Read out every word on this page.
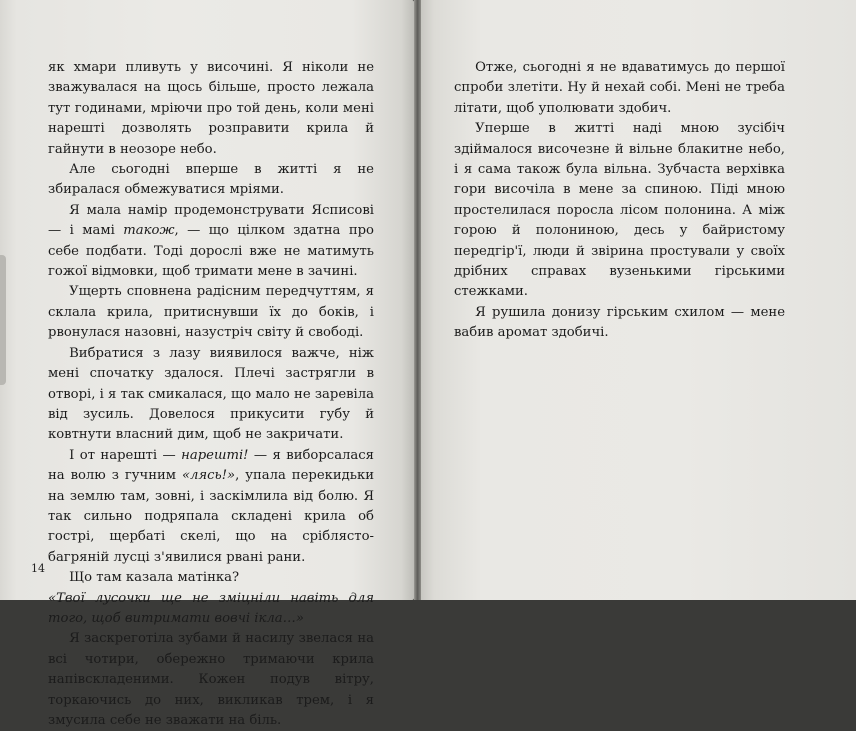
як хмари пливуть у височині. Я ніколи не зважувалася на щось більше, просто лежала тут годинами, мріючи про той день, коли мені нарешті дозволять розправити крила й гайнути в неозоре небо.

Але сьогодні вперше в житті я не збиралася обмежуватися мріями.

Я мала намір продемонструвати Ясписові — і мамі також, — що цілком здатна про себе подбати. Тоді дорослі вже не матимуть гожої відмовки, щоб тримати мене в зачині.

Ущерть сповнена радісним передчуттям, я склала крила, притиснувши їх до боків, і рвонулася назовні, назустріч світу й свободі.

Вибратися з лазу виявилося важче, ніж мені спочатку здалося. Плечі застрягли в отворі, і я так смикалася, що мало не заревіла від зусиль. Довелося прикусити губу й ковтнути власний дим, щоб не закричати.

І от нарешті — нарешті! — я виборсалася на волю з гучним «лясь!», упала перекидьки на землю там, зовні, і заскімлила від болю. Я так сильно подряпала складені крила об гострі, щербаті скелі, що на сріблясто-багряній лусці з'явилися рвані рани.

Що там казала матінка?

«Твої лусочки ще не зміцніли навіть для того, щоб витримати вовчі ікла…»

Я заскреготіла зубами й насилу звелася на всі чотири, обережно тримаючи крила напівскладеними. Кожен подув вітру, торкаючись до них, викликав трем, і я змусила себе не зважати на біль.

14

Отже, сьогодні я не вдаватимусь до першої спроби злетіти. Ну й нехай собі. Мені не треба літати, щоб уполювати здобич.

Уперше в житті наді мною зусібіч здіймалося височезне й вільне блакитне небо, і я сама також була вільна. Зубчаста верхівка гори височіла в мене за спиною. Піді мною простелилася поросла лісом полонина. А між горою й полониною, десь у байристому передгір'ї, люди й звірина простували у своїх дрібних справах вузенькими гірськими стежками.

Я рушила донизу гірським схилом — мене вабив аромат здобичі.
